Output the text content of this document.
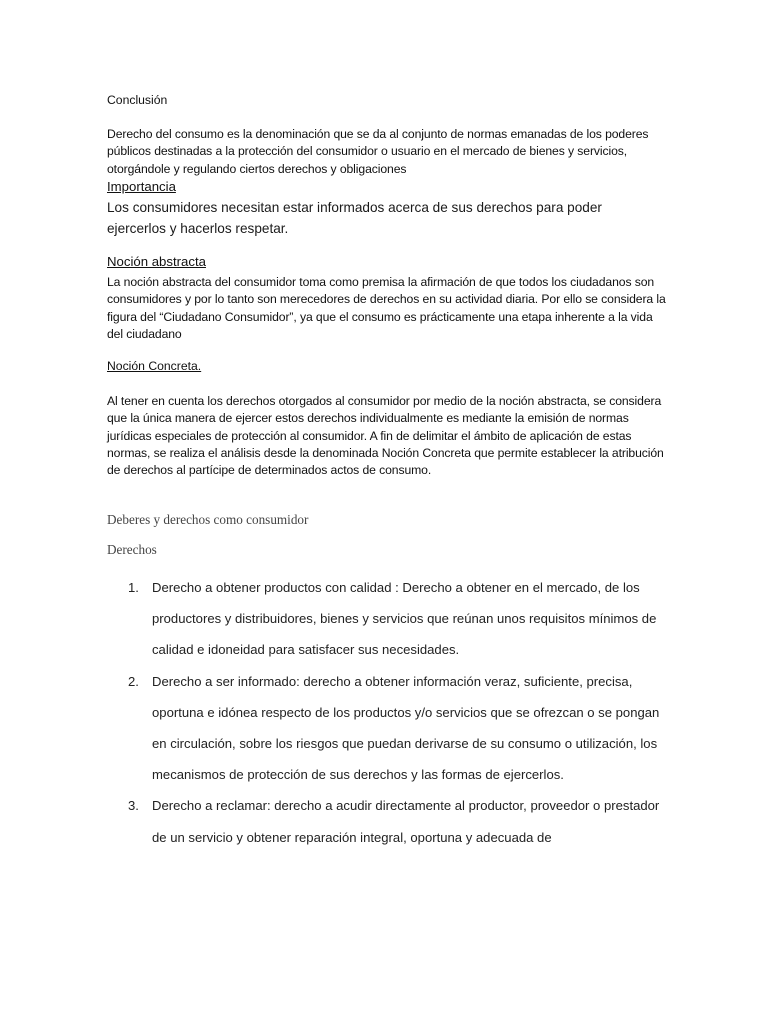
Conclusión
Derecho del consumo es la denominación que se da al conjunto de normas emanadas de los poderes públicos destinadas a la protección del consumidor o usuario en el mercado de bienes y servicios, otorgándole y regulando ciertos derechos y obligaciones
Importancia
Los consumidores necesitan estar informados acerca de sus derechos para poder ejercerlos y hacerlos respetar.
Noción abstracta
La noción abstracta del consumidor toma como premisa la afirmación de que todos los ciudadanos son consumidores y por lo tanto son merecedores de derechos en su actividad diaria. Por ello se considera la figura del “Ciudadano Consumidor”, ya que el consumo es prácticamente una etapa inherente a la vida del ciudadano
Noción Concreta.
Al tener en cuenta los derechos otorgados al consumidor por medio de la noción abstracta, se considera que la única manera de ejercer estos derechos individualmente es mediante la emisión de normas jurídicas especiales de protección al consumidor. A fin de delimitar el ámbito de aplicación de estas normas, se realiza el análisis desde la denominada Noción Concreta que permite establecer la atribución de derechos al partícipe de determinados actos de consumo.
Deberes y derechos como consumidor
Derechos
1. Derecho a obtener productos con calidad : Derecho a obtener en el mercado, de los productores y distribuidores, bienes y servicios que reúnan unos requisitos mínimos de calidad e idoneidad para satisfacer sus necesidades.
2. Derecho a ser informado: derecho a obtener información veraz, suficiente, precisa, oportuna e idónea respecto de los productos y/o servicios que se ofrezcan o se pongan en circulación, sobre los riesgos que puedan derivarse de su consumo o utilización, los mecanismos de protección de sus derechos y las formas de ejercerlos.
3. Derecho a reclamar: derecho a acudir directamente al productor, proveedor o prestador de un servicio y obtener reparación integral, oportuna y adecuada de
